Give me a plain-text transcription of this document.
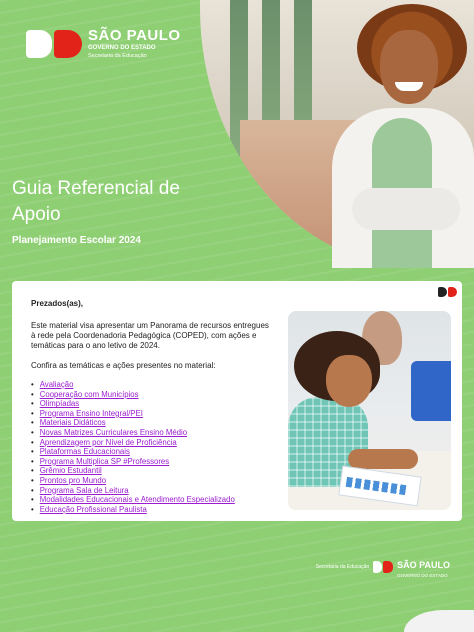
SÃO PAULO
GOVERNO DO ESTADO
Secretaria da Educação
Guia Referencial de Apoio
Planejamento Escolar 2024
Prezados(as),
Este material visa apresentar um Panorama de recursos entregues à rede pela Coordenadoria Pedagógica (COPED), com ações e temáticas para o ano letivo de 2024.
Confira as temáticas e ações presentes no material:
• Avaliação
• Cooperação com Municípios
• Olimpíadas
• Programa Ensino Integral/PEI
• Materiais Didáticos
• Novas Matrizes Curriculares Ensino Médio
• Aprendizagem por Nível de Proficiência
• Plataformas Educacionais
• Programa Multiplica SP #Professores
• Grêmio Estudantil
• Prontos pro Mundo
• Programa Sala de Leitura
• Modalidades Educacionais e Atendimento Especializado
• Educação Profissional Paulista
Secretaria da Educação	SÃO PAULO
GOVERNO DO ESTADO
